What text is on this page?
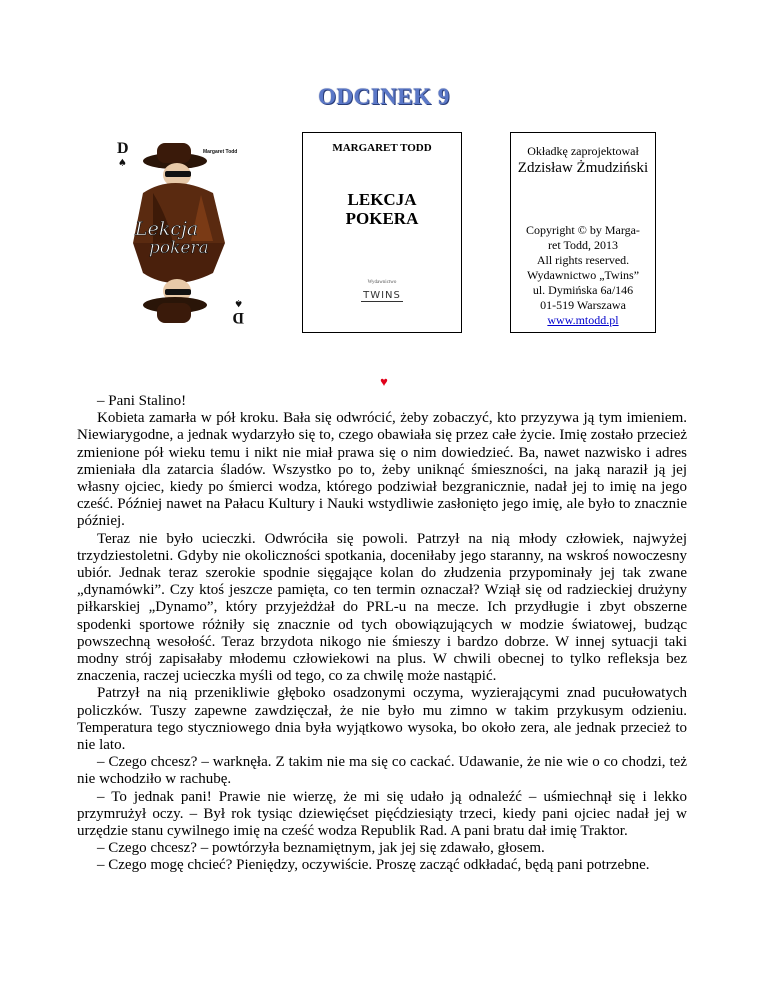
ODCINEK 9
D
♠
Margaret Todd
D
♠
Lekcja
pokera
MARGARET TODD
LEKCJA
POKERA
Wydawnictwo
TWINS
Okładkę zaprojektował
Zdzisław Żmudziński
Copyright © by Marga-
ret Todd, 2013
All rights reserved.
Wydawnictwo „Twins”
ul. Dymińska 6a/146
01-519 Warszawa
www.mtodd.pl
♥

– Pani Stalino!

Kobieta zamarła w pół kroku. Bała się odwrócić, żeby zobaczyć, kto przyzywa ją tym imieniem. Niewiarygodne, a jednak wydarzyło się to, czego obawiała się przez całe życie. Imię zostało przecież zmienione pół wieku temu i nikt nie miał prawa się o nim dowiedzieć. Ba, nawet nazwisko i adres zmieniała dla zatarcia śladów. Wszystko po to, żeby uniknąć śmieszności, na jaką naraził ją jej własny ojciec, kiedy po śmierci wodza, którego podziwiał bezgranicznie, nadał jej to imię na jego cześć. Później nawet na Pałacu Kultury i Nauki wstydliwie zasłonięto jego imię, ale było to znacznie później.

Teraz nie było ucieczki. Odwróciła się powoli. Patrzył na nią młody człowiek, najwyżej trzydziestoletni. Gdyby nie okoliczności spotkania, doceniłaby jego staranny, na wskroś nowoczesny ubiór. Jednak teraz szerokie spodnie sięgające kolan do złudzenia przypominały jej tak zwane „dynamówki”. Czy ktoś jeszcze pamięta, co ten termin oznaczał? Wziął się od radzieckiej drużyny piłkarskiej „Dynamo”, który przyjeżdżał do PRL-u na mecze. Ich przydługie i zbyt obszerne spodenki sportowe różniły się znacznie od tych obowiązujących w modzie światowej, budząc powszechną wesołość. Teraz brzydota nikogo nie śmieszy i bardzo dobrze. W innej sytuacji taki modny strój zapisałaby młodemu człowiekowi na plus. W chwili obecnej to tylko refleksja bez znaczenia, raczej ucieczka myśli od tego, co za chwilę może nastąpić.

Patrzył na nią przenikliwie głęboko osadzonymi oczyma, wyzierającymi znad pucułowatych policzków. Tuszy zapewne zawdzięczał, że nie było mu zimno w takim przykusym odzieniu. Temperatura tego styczniowego dnia była wyjątkowo wysoka, bo około zera, ale jednak przecież to nie lato.

– Czego chcesz? – warknęła. Z takim nie ma się co cackać. Udawanie, że nie wie o co chodzi, też nie wchodziło w rachubę.

– To jednak pani! Prawie nie wierzę, że mi się udało ją odnaleźć – uśmiechnął się i lekko przymrużył oczy. – Był rok tysiąc dziewięćset pięćdziesiąty trzeci, kiedy pani ojciec nadał jej w urzędzie stanu cywilnego imię na cześć wodza Republik Rad. A pani bratu dał imię Traktor.

– Czego chcesz? – powtórzyła beznamiętnym, jak jej się zdawało, głosem.

– Czego mogę chcieć? Pieniędzy, oczywiście. Proszę zacząć odkładać, będą pani potrzebne.
